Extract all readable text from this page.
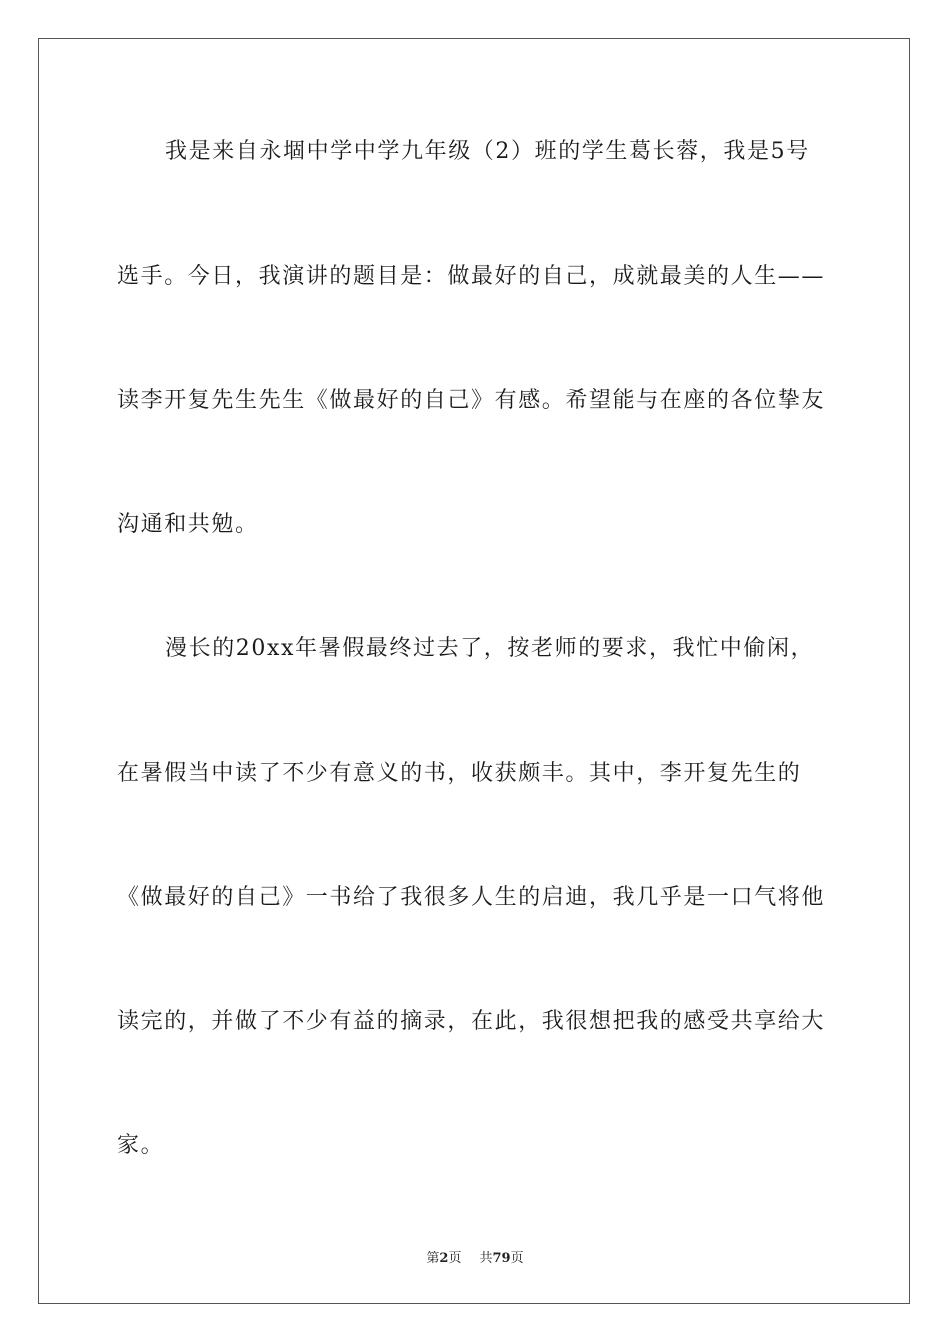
我是来自永堌中学中学九年级（2）班的学生葛长蓉，我是5号
选手。今日，我演讲的题目是：做最好的自己，成就最美的人生——
读李开复先生先生《做最好的自己》有感。希望能与在座的各位挚友
沟通和共勉。
漫长的20xx年暑假最终过去了，按老师的要求，我忙中偷闲，
在暑假当中读了不少有意义的书，收获颇丰。其中，李开复先生的
《做最好的自己》一书给了我很多人生的启迪，我几乎是一口气将他
读完的，并做了不少有益的摘录，在此，我很想把我的感受共享给大
家。
第2页 共79页
